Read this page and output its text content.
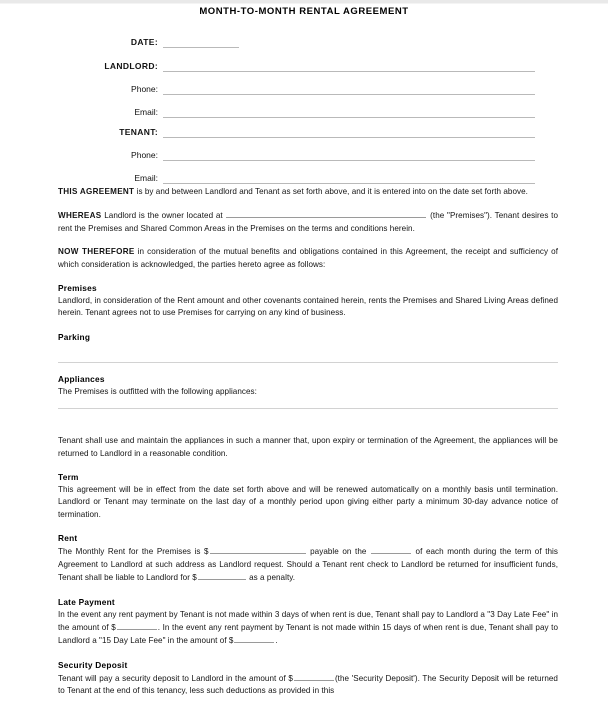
MONTH-TO-MONTH RENTAL AGREEMENT
DATE:
LANDLORD:
Phone:
Email:
TENANT:
Phone:
Email:

THIS AGREEMENT is by and between Landlord and Tenant as set forth above, and it is entered into on the date set forth above.

WHEREAS Landlord is the owner located at	(the "Premises"). Tenant desires to rent the Premises and Shared Common Areas in the Premises on the terms and conditions herein.

NOW THEREFORE in consideration of the mutual benefits and obligations contained in this Agreement, the receipt and sufficiency of which consideration is acknowledged, the parties hereto agree as follows:

Premises

Landlord, in consideration of the Rent amount and other covenants contained herein, rents the Premises and Shared Living Areas defined herein. Tenant agrees not to use Premises for carrying on any kind of business.

Parking
Appliances

The Premises is outfitted with the following appliances:

Tenant shall use and maintain the appliances in such a manner that, upon expiry or termination of the Agreement, the appliances will be returned to Landlord in a reasonable condition.

Term

This agreement will be in effect from the date set forth above and will be renewed automatically on a monthly basis until termination. Landlord or Tenant may terminate on the last day of a monthly period upon giving either party a minimum 30-day advance notice of termination.

Rent

The Monthly Rent for the Premises is $	payable on the	of each month during the term of this Agreement to Landlord at such address as Landlord request. Should a Tenant rent check to Landlord be returned for insufficient funds, Tenant shall be liable to Landlord for $	as a penalty.

Late Payment

In the event any rent payment by Tenant is not made within 3 days of when rent is due, Tenant shall pay to Landlord a "3 Day Late Fee" in the amount of $	. In the event any rent payment by Tenant is not made within 15 days of when rent is due, Tenant shall pay to Landlord a "15 Day Late Fee" in the amount of $	.

Security Deposit

Tenant will pay a security deposit to Landlord in the amount of $	(the 'Security Deposit'). The Security Deposit will be returned to Tenant at the end of this tenancy, less such deductions as provided in this
